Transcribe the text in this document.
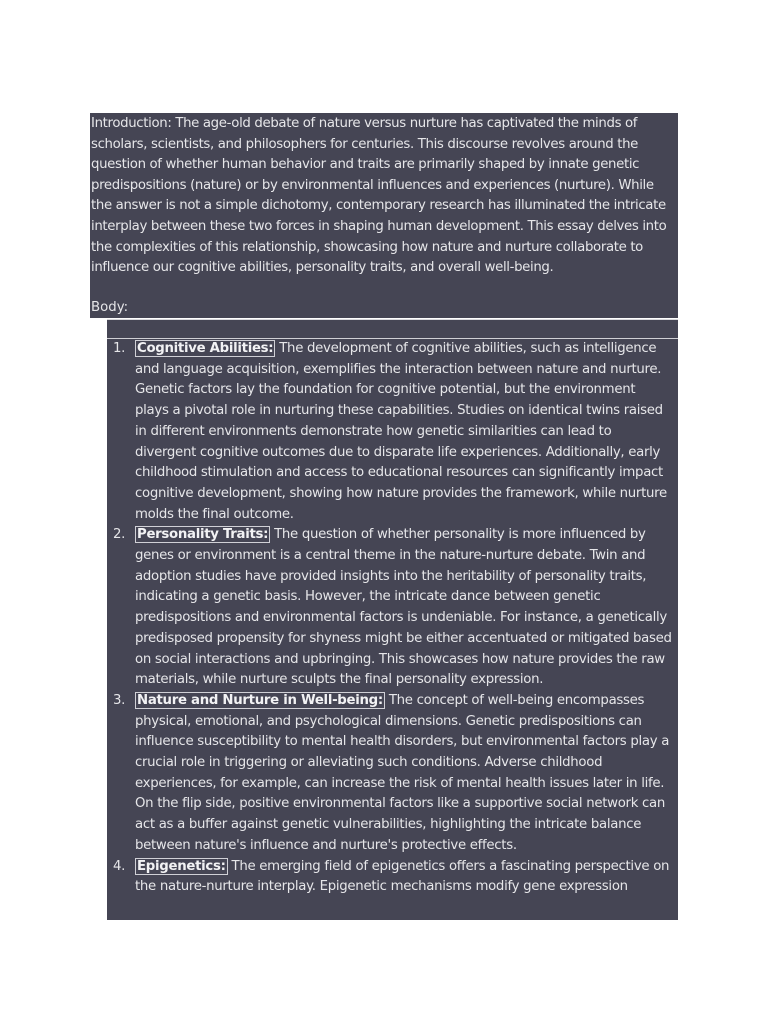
Introduction: The age-old debate of nature versus nurture has captivated the minds of scholars, scientists, and philosophers for centuries. This discourse revolves around the question of whether human behavior and traits are primarily shaped by innate genetic predispositions (nature) or by environmental influences and experiences (nurture). While the answer is not a simple dichotomy, contemporary research has illuminated the intricate interplay between these two forces in shaping human development. This essay delves into the complexities of this relationship, showcasing how nature and nurture collaborate to influence our cognitive abilities, personality traits, and overall well-being.

Body:

1. Cognitive Abilities: The development of cognitive abilities, such as intelligence and language acquisition, exemplifies the interaction between nature and nurture. Genetic factors lay the foundation for cognitive potential, but the environment plays a pivotal role in nurturing these capabilities. Studies on identical twins raised in different environments demonstrate how genetic similarities can lead to divergent cognitive outcomes due to disparate life experiences. Additionally, early childhood stimulation and access to educational resources can significantly impact cognitive development, showing how nature provides the framework, while nurture molds the final outcome.
2. Personality Traits: The question of whether personality is more influenced by genes or environment is a central theme in the nature-nurture debate. Twin and adoption studies have provided insights into the heritability of personality traits, indicating a genetic basis. However, the intricate dance between genetic predispositions and environmental factors is undeniable. For instance, a genetically predisposed propensity for shyness might be either accentuated or mitigated based on social interactions and upbringing. This showcases how nature provides the raw materials, while nurture sculpts the final personality expression.
3. Nature and Nurture in Well-being: The concept of well-being encompasses physical, emotional, and psychological dimensions. Genetic predispositions can influence susceptibility to mental health disorders, but environmental factors play a crucial role in triggering or alleviating such conditions. Adverse childhood experiences, for example, can increase the risk of mental health issues later in life. On the flip side, positive environmental factors like a supportive social network can act as a buffer against genetic vulnerabilities, highlighting the intricate balance between nature's influence and nurture's protective effects.
4. Epigenetics: The emerging field of epigenetics offers a fascinating perspective on the nature-nurture interplay. Epigenetic mechanisms modify gene expression
